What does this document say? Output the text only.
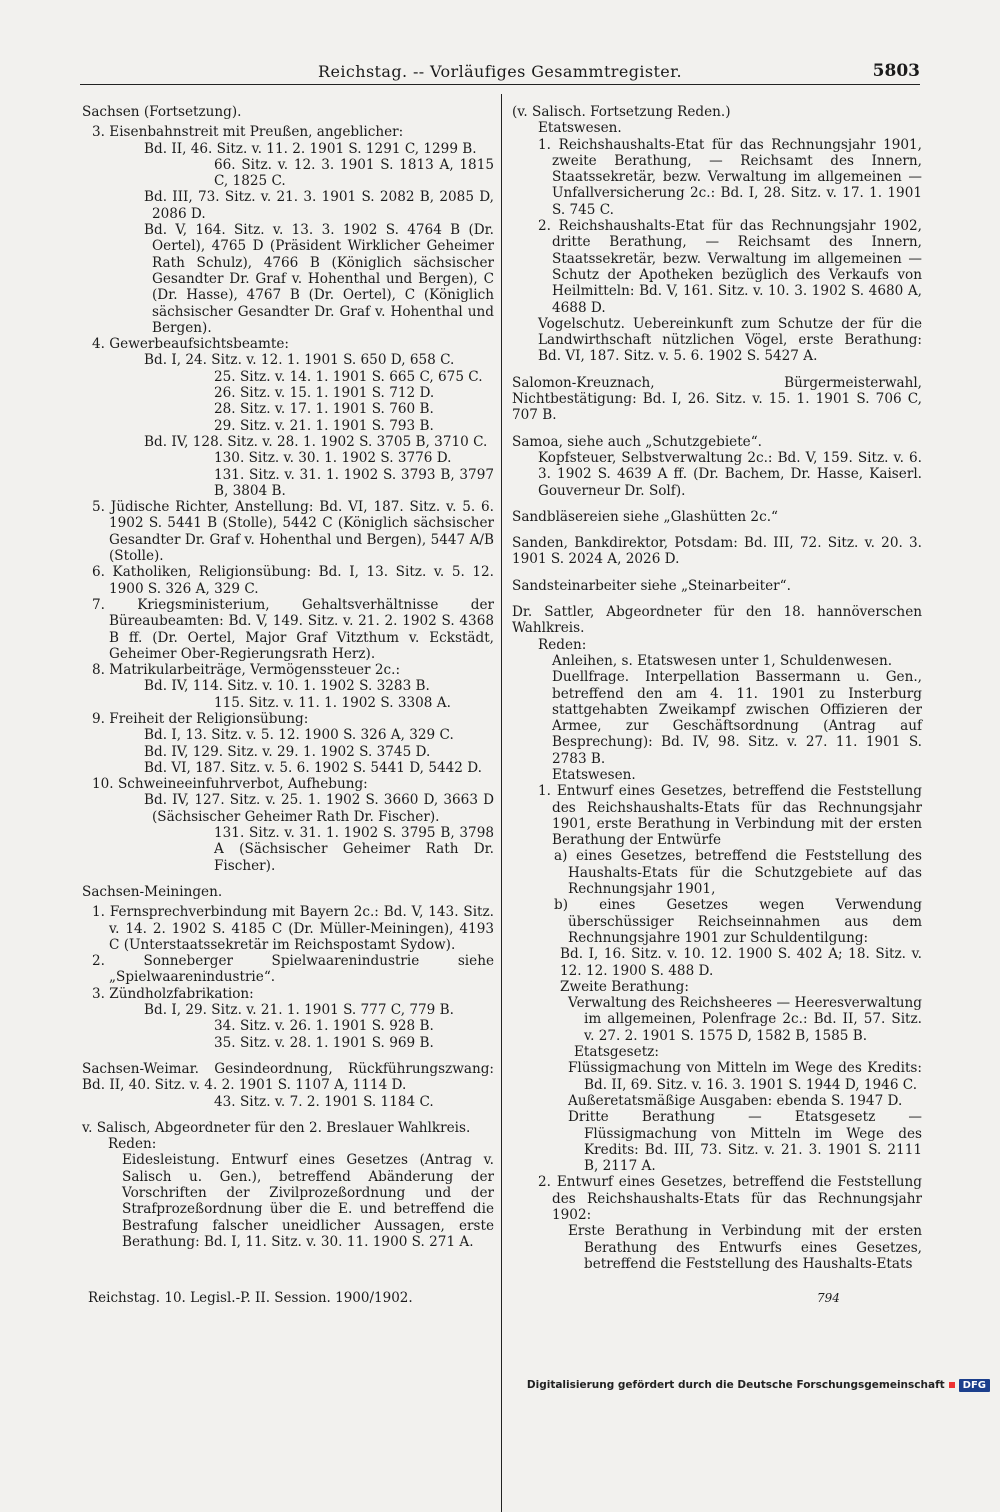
Reichstag. -- Vorläufiges Gesammtregister.	5803

Sachsen (Fortsetzung).

3. Eisenbahnstreit mit Preußen, angeblicher:

Bd. II, 46. Sitz. v. 11. 2. 1901 S. 1291 C, 1299 B.

66. Sitz. v. 12. 3. 1901 S. 1813 A, 1815 C, 1825 C.

Bd. III, 73. Sitz. v. 21. 3. 1901 S. 2082 B, 2085 D, 2086 D.

Bd. V, 164. Sitz. v. 13. 3. 1902 S. 4764 B (Dr. Oertel), 4765 D (Präsident Wirklicher Geheimer Rath Schulz), 4766 B (Königlich sächsischer Gesandter Dr. Graf v. Hohenthal und Bergen), C (Dr. Hasse), 4767 B (Dr. Oertel), C (Königlich sächsischer Gesandter Dr. Graf v. Hohenthal und Bergen).

4. Gewerbeaufsichtsbeamte:

Bd. I, 24. Sitz. v. 12. 1. 1901 S. 650 D, 658 C.

25. Sitz. v. 14. 1. 1901 S. 665 C, 675 C.

26. Sitz. v. 15. 1. 1901 S. 712 D.

28. Sitz. v. 17. 1. 1901 S. 760 B.

29. Sitz. v. 21. 1. 1901 S. 793 B.

Bd. IV, 128. Sitz. v. 28. 1. 1902 S. 3705 B, 3710 C.

130. Sitz. v. 30. 1. 1902 S. 3776 D.

131. Sitz. v. 31. 1. 1902 S. 3793 B, 3797 B, 3804 B.

5. Jüdische Richter, Anstellung: Bd. VI, 187. Sitz. v. 5. 6. 1902 S. 5441 B (Stolle), 5442 C (Königlich sächsischer Gesandter Dr. Graf v. Hohenthal und Bergen), 5447 A/B (Stolle).

6. Katholiken, Religionsübung: Bd. I, 13. Sitz. v. 5. 12. 1900 S. 326 A, 329 C.

7. Kriegsministerium, Gehaltsverhältnisse der Büreaubeamten: Bd. V, 149. Sitz. v. 21. 2. 1902 S. 4368 B ff. (Dr. Oertel, Major Graf Vitzthum v. Eckstädt, Geheimer Ober-Regierungsrath Herz).

8. Matrikularbeiträge, Vermögenssteuer 2c.:

Bd. IV, 114. Sitz. v. 10. 1. 1902 S. 3283 B.

115. Sitz. v. 11. 1. 1902 S. 3308 A.

9. Freiheit der Religionsübung:

Bd. I, 13. Sitz. v. 5. 12. 1900 S. 326 A, 329 C.

Bd. IV, 129. Sitz. v. 29. 1. 1902 S. 3745 D.

Bd. VI, 187. Sitz. v. 5. 6. 1902 S. 5441 D, 5442 D.

10. Schweineeinfuhrverbot, Aufhebung:

Bd. IV, 127. Sitz. v. 25. 1. 1902 S. 3660 D, 3663 D (Sächsischer Geheimer Rath Dr. Fischer).

131. Sitz. v. 31. 1. 1902 S. 3795 B, 3798 A (Sächsischer Geheimer Rath Dr. Fischer).

Sachsen-Meiningen.

1. Fernsprechverbindung mit Bayern 2c.: Bd. V, 143. Sitz. v. 14. 2. 1902 S. 4185 C (Dr. Müller-Meiningen), 4193 C (Unterstaatssekretär im Reichspostamt Sydow).

2. Sonneberger Spielwaarenindustrie siehe „Spielwaarenindustrie“.

3. Zündholzfabrikation:

Bd. I, 29. Sitz. v. 21. 1. 1901 S. 777 C, 779 B.

34. Sitz. v. 26. 1. 1901 S. 928 B.

35. Sitz. v. 28. 1. 1901 S. 969 B.

Sachsen-Weimar. Gesindeordnung, Rückführungszwang: Bd. II, 40. Sitz. v. 4. 2. 1901 S. 1107 A, 1114 D.

43. Sitz. v. 7. 2. 1901 S. 1184 C.

v. Salisch, Abgeordneter für den 2. Breslauer Wahlkreis.

Reden:

Eidesleistung. Entwurf eines Gesetzes (Antrag v. Salisch u. Gen.), betreffend Abänderung der Vorschriften der Zivilprozeßordnung und der Strafprozeßordnung über die E. und betreffend die Bestrafung falscher uneidlicher Aussagen, erste Berathung: Bd. I, 11. Sitz. v. 30. 11. 1900 S. 271 A.

(v. Salisch. Fortsetzung Reden.)

Etatswesen.

1. Reichshaushalts-Etat für das Rechnungsjahr 1901, zweite Berathung, — Reichsamt des Innern, Staatssekretär, bezw. Verwaltung im allgemeinen — Unfallversicherung 2c.: Bd. I, 28. Sitz. v. 17. 1. 1901 S. 745 C.

2. Reichshaushalts-Etat für das Rechnungsjahr 1902, dritte Berathung, — Reichsamt des Innern, Staatssekretär, bezw. Verwaltung im allgemeinen — Schutz der Apotheken bezüglich des Verkaufs von Heilmitteln: Bd. V, 161. Sitz. v. 10. 3. 1902 S. 4680 A, 4688 D.

Vogelschutz. Uebereinkunft zum Schutze der für die Landwirthschaft nützlichen Vögel, erste Berathung: Bd. VI, 187. Sitz. v. 5. 6. 1902 S. 5427 A.

Salomon-Kreuznach, Bürgermeisterwahl, Nichtbestätigung: Bd. I, 26. Sitz. v. 15. 1. 1901 S. 706 C, 707 B.

Samoa, siehe auch „Schutzgebiete“.

Kopfsteuer, Selbstverwaltung 2c.: Bd. V, 159. Sitz. v. 6. 3. 1902 S. 4639 A ff. (Dr. Bachem, Dr. Hasse, Kaiserl. Gouverneur Dr. Solf).

Sandbläsereien siehe „Glashütten 2c.“

Sanden, Bankdirektor, Potsdam: Bd. III, 72. Sitz. v. 20. 3. 1901 S. 2024 A, 2026 D.

Sandsteinarbeiter siehe „Steinarbeiter“.

Dr. Sattler, Abgeordneter für den 18. hannöverschen Wahlkreis.

Reden:

Anleihen, s. Etatswesen unter 1, Schuldenwesen.

Duellfrage. Interpellation Bassermann u. Gen., betreffend den am 4. 11. 1901 zu Insterburg stattgehabten Zweikampf zwischen Offizieren der Armee, zur Geschäftsordnung (Antrag auf Besprechung): Bd. IV, 98. Sitz. v. 27. 11. 1901 S. 2783 B.

Etatswesen.

1. Entwurf eines Gesetzes, betreffend die Feststellung des Reichshaushalts-Etats für das Rechnungsjahr 1901, erste Berathung in Verbindung mit der ersten Berathung der Entwürfe

a) eines Gesetzes, betreffend die Feststellung des Haushalts-Etats für die Schutzgebiete auf das Rechnungsjahr 1901,

b) eines Gesetzes wegen Verwendung überschüssiger Reichseinnahmen aus dem Rechnungsjahre 1901 zur Schuldentilgung:

Bd. I, 16. Sitz. v. 10. 12. 1900 S. 402 A; 18. Sitz. v. 12. 12. 1900 S. 488 D.

Zweite Berathung:

Verwaltung des Reichsheeres — Heeresverwaltung im allgemeinen, Polenfrage 2c.: Bd. II, 57. Sitz. v. 27. 2. 1901 S. 1575 D, 1582 B, 1585 B.

Etatsgesetz:

Flüssigmachung von Mitteln im Wege des Kredits: Bd. II, 69. Sitz. v. 16. 3. 1901 S. 1944 D, 1946 C.

Außeretatsmäßige Ausgaben: ebenda S. 1947 D.

Dritte Berathung — Etatsgesetz — Flüssigmachung von Mitteln im Wege des Kredits: Bd. III, 73. Sitz. v. 21. 3. 1901 S. 2111 B, 2117 A.

2. Entwurf eines Gesetzes, betreffend die Feststellung des Reichshaushalts-Etats für das Rechnungsjahr 1902:

Erste Berathung in Verbindung mit der ersten Berathung des Entwurfs eines Gesetzes, betreffend die Feststellung des Haushalts-Etats

Reichstag. 10. Legisl.-P. II. Session. 1900/1902.	794
Digitalisierung gefördert durch die Deutsche Forschungsgemeinschaft	DFG
